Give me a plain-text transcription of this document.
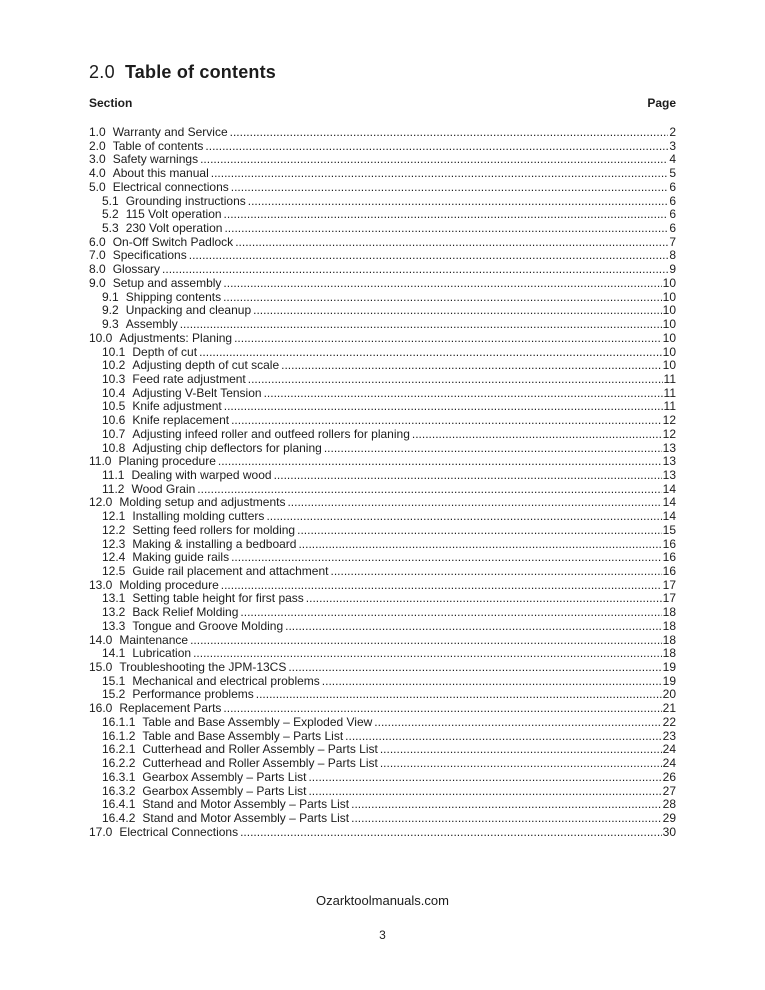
2.0 Table of contents
Section	Page
1.0 Warranty and Service .....	2
2.0 Table of contents .....	3
3.0 Safety warnings .....	4
4.0 About this manual .....	5
5.0 Electrical connections .....	6
5.1 Grounding instructions .....	6
5.2 115 Volt operation .....	6
5.3 230 Volt operation .....	6
6.0 On-Off Switch Padlock .....	7
7.0 Specifications .....	8
8.0 Glossary .....	9
9.0 Setup and assembly .....	10
9.1 Shipping contents .....	10
9.2 Unpacking and cleanup .....	10
9.3 Assembly .....	10
10.0 Adjustments: Planing .....	10
10.1 Depth of cut .....	10
10.2 Adjusting depth of cut scale .....	10
10.3 Feed rate adjustment .....	11
10.4 Adjusting V-Belt Tension .....	11
10.5 Knife adjustment .....	11
10.6 Knife replacement .....	12
10.7 Adjusting infeed roller and outfeed rollers for planing .....	12
10.8 Adjusting chip deflectors for planing .....	13
11.0 Planing procedure .....	13
11.1 Dealing with warped wood .....	13
11.2 Wood Grain .....	14
12.0 Molding setup and adjustments .....	14
12.1 Installing molding cutters .....	14
12.2 Setting feed rollers for molding .....	15
12.3 Making & installing a bedboard .....	16
12.4 Making guide rails .....	16
12.5 Guide rail placement and attachment .....	16
13.0 Molding procedure .....	17
13.1 Setting table height for first pass .....	17
13.2 Back Relief Molding .....	18
13.3 Tongue and Groove Molding .....	18
14.0 Maintenance .....	18
14.1 Lubrication .....	18
15.0 Troubleshooting the JPM-13CS .....	19
15.1 Mechanical and electrical problems .....	19
15.2 Performance problems .....	20
16.0 Replacement Parts .....	21
16.1.1 Table and Base Assembly – Exploded View .....	22
16.1.2 Table and Base Assembly – Parts List .....	23
16.2.1 Cutterhead and Roller Assembly – Parts List .....	24
16.2.2 Cutterhead and Roller Assembly – Parts List .....	24
16.3.1 Gearbox Assembly – Parts List .....	26
16.3.2 Gearbox Assembly – Parts List .....	27
16.4.1 Stand and Motor Assembly – Parts List .....	28
16.4.2 Stand and Motor Assembly – Parts List .....	29
17.0 Electrical Connections .....	30
Ozarktoolmanuals.com
3
